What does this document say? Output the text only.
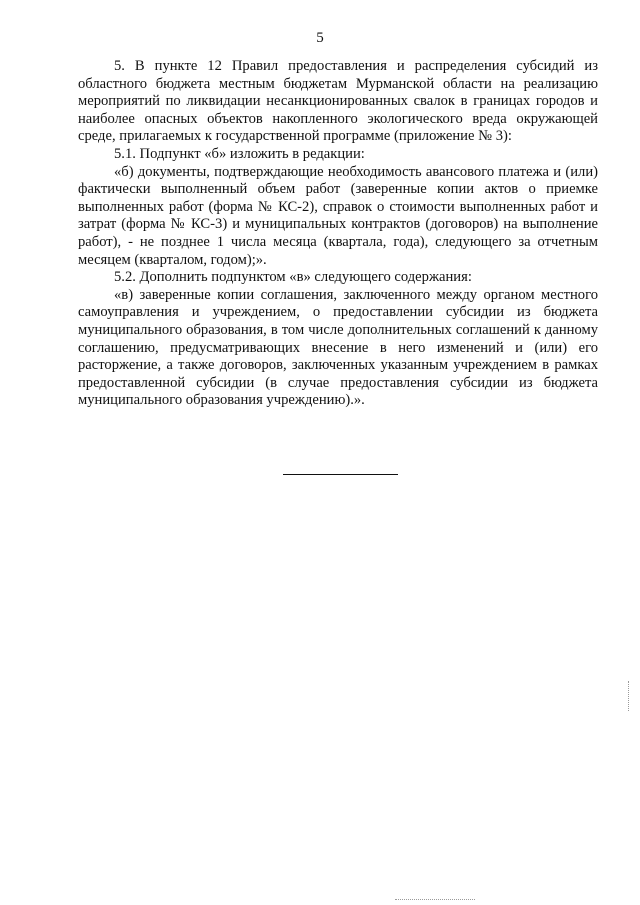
5

5. В пункте 12 Правил предоставления и распределения субсидий из областного бюджета местным бюджетам Мурманской области на реализацию мероприятий по ликвидации несанкционированных свалок в границах городов и наиболее опасных объектов накопленного экологического вреда окружающей среде, прилагаемых к государственной программе (приложение № 3):

5.1. Подпункт «б» изложить в редакции:

«б) документы, подтверждающие необходимость авансового платежа и (или) фактически выполненный объем работ (заверенные копии актов о приемке выполненных работ (форма № КС-2), справок о стоимости выполненных работ и затрат (форма № КС-3) и муниципальных контрактов (договоров) на выполнение работ), - не позднее 1 числа месяца (квартала, года), следующего за отчетным месяцем (кварталом, годом);».

5.2. Дополнить подпунктом «в» следующего содержания:

«в) заверенные копии соглашения, заключенного между органом местного самоуправления и учреждением, о предоставлении субсидии из бюджета муниципального образования, в том числе дополнительных соглашений к данному соглашению, предусматривающих внесение в него изменений и (или) его расторжение, а также договоров, заключенных указанным учреждением в рамках предоставленной субсидии (в случае предоставления субсидии из бюджета муниципального образования учреждению).».
